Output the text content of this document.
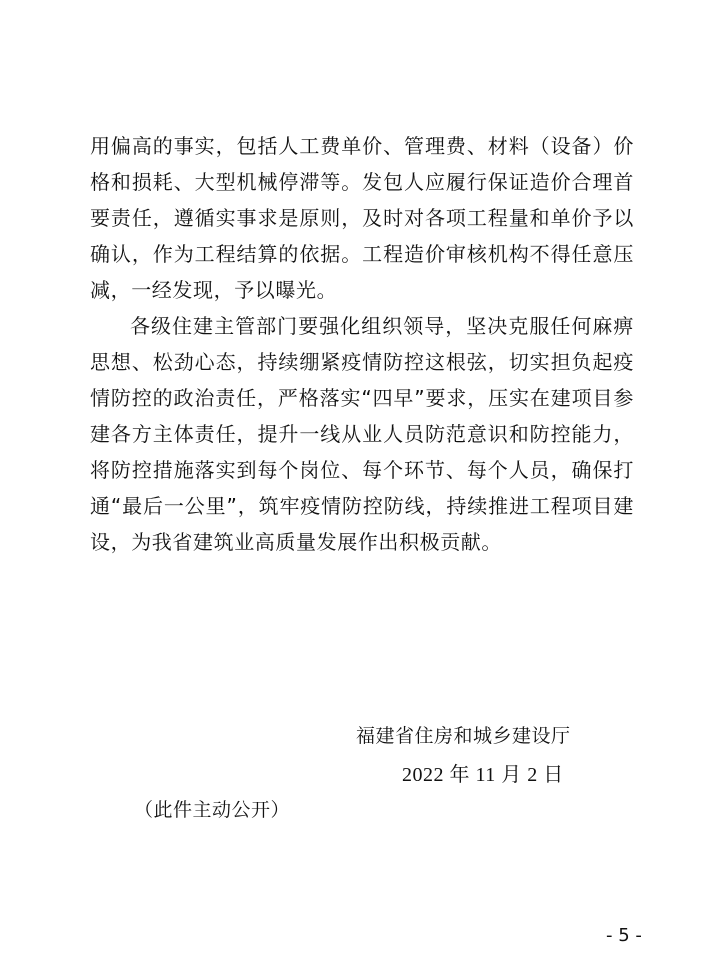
用偏高的事实，包括人工费单价、管理费、材料（设备）价格和损耗、大型机械停滞等。发包人应履行保证造价合理首要责任，遵循实事求是原则，及时对各项工程量和单价予以确认，作为工程结算的依据。工程造价审核机构不得任意压减，一经发现，予以曝光。

各级住建主管部门要强化组织领导，坚决克服任何麻痹思想、松劲心态，持续绷紧疫情防控这根弦，切实担负起疫情防控的政治责任，严格落实“四早”要求，压实在建项目参建各方主体责任，提升一线从业人员防范意识和防控能力，将防控措施落实到每个岗位、每个环节、每个人员，确保打通“最后一公里”，筑牢疫情防控防线，持续推进工程项目建设，为我省建筑业高质量发展作出积极贡献。

福建省住房和城乡建设厅
2022 年 11 月 2 日
（此件主动公开）
- 5 -
